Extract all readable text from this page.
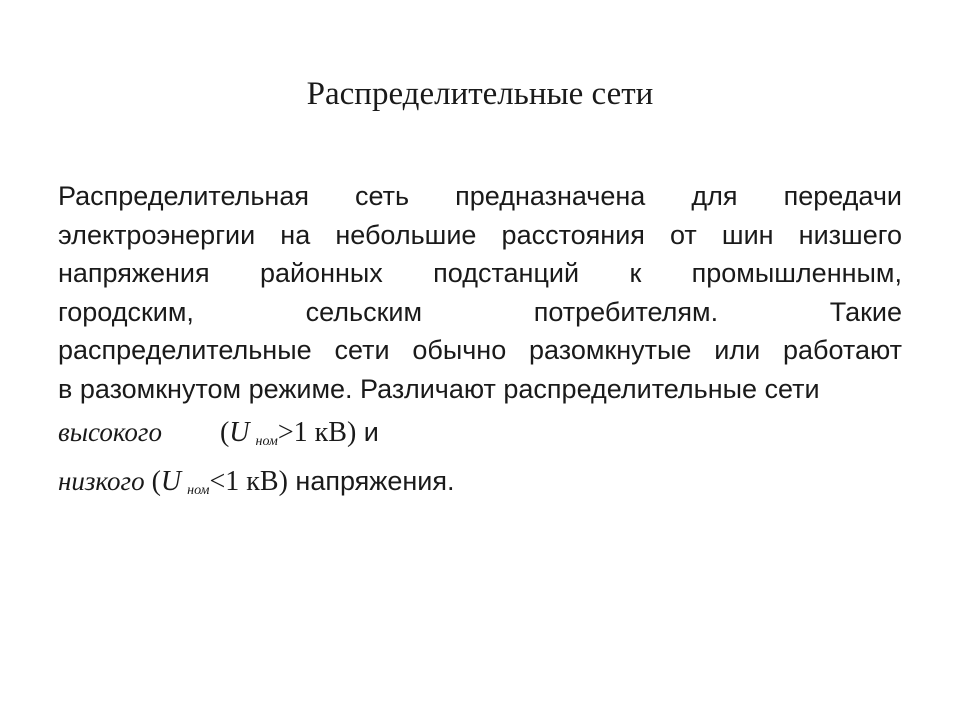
Распределительные сети
Распределительная сеть предназначена для передачи
электроэнергии на небольшие расстояния от шин низшего
напряжения районных подстанций к промышленным,
городским, сельским потребителям. Такие
распределительные сети обычно разомкнутые или работают
в разомкнутом режиме. Различают распределительные сети
высокого (U ном>1 кВ) и
низкого (U ном<1 кВ) напряжения.
